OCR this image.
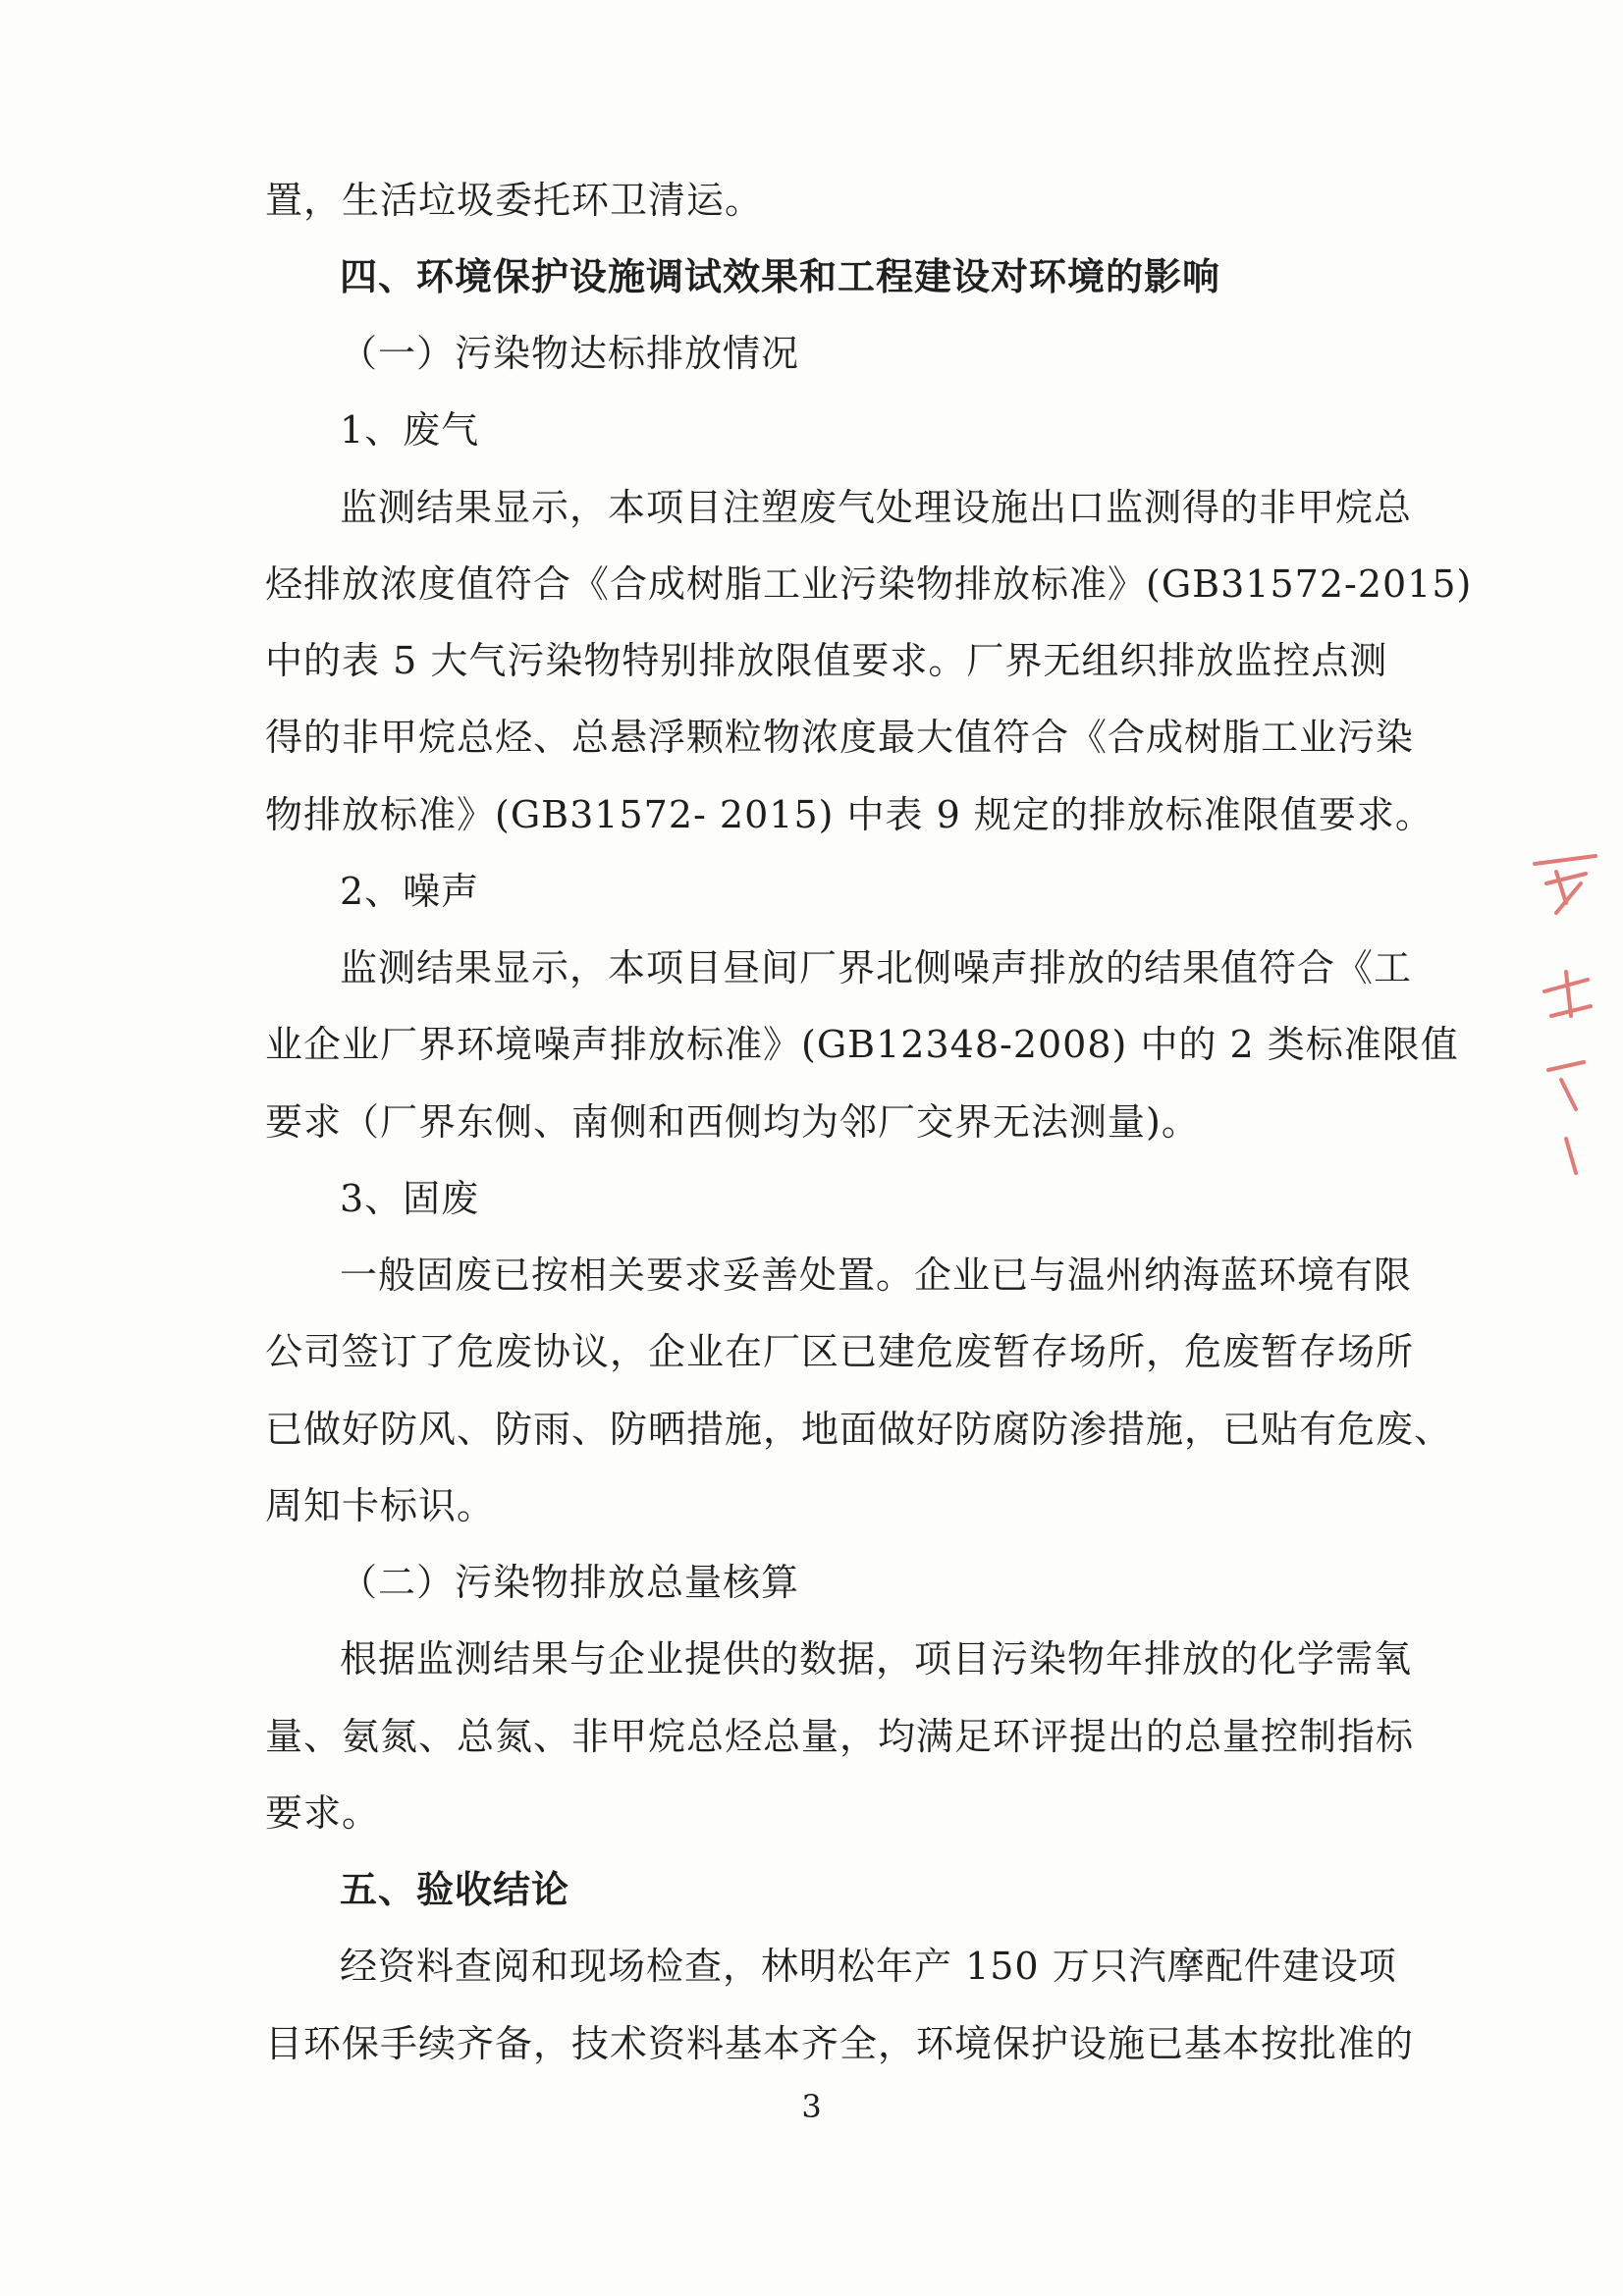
置，生活垃圾委托环卫清运。
四、环境保护设施调试效果和工程建设对环境的影响
（一）污染物达标排放情况
1、废气
监测结果显示，本项目注塑废气处理设施出口监测得的非甲烷总
烃排放浓度值符合《合成树脂工业污染物排放标准》(GB31572-2015)
中的表 5 大气污染物特别排放限值要求。厂界无组织排放监控点测
得的非甲烷总烃、总悬浮颗粒物浓度最大值符合《合成树脂工业污染
物排放标准》(GB31572- 2015) 中表 9 规定的排放标准限值要求。
2、噪声
监测结果显示，本项目昼间厂界北侧噪声排放的结果值符合《工
业企业厂界环境噪声排放标准》(GB12348-2008) 中的 2 类标准限值
要求（厂界东侧、南侧和西侧均为邻厂交界无法测量)。
3、固废
一般固废已按相关要求妥善处置。企业已与温州纳海蓝环境有限
公司签订了危废协议，企业在厂区已建危废暂存场所，危废暂存场所
已做好防风、防雨、防晒措施，地面做好防腐防渗措施，已贴有危废、
周知卡标识。
（二）污染物排放总量核算
根据监测结果与企业提供的数据，项目污染物年排放的化学需氧
量、氨氮、总氮、非甲烷总烃总量，均满足环评提出的总量控制指标
要求。
五、验收结论
经资料查阅和现场检查，林明松年产 150 万只汽摩配件建设项
目环保手续齐备，技术资料基本齐全，环境保护设施已基本按批准的
3
